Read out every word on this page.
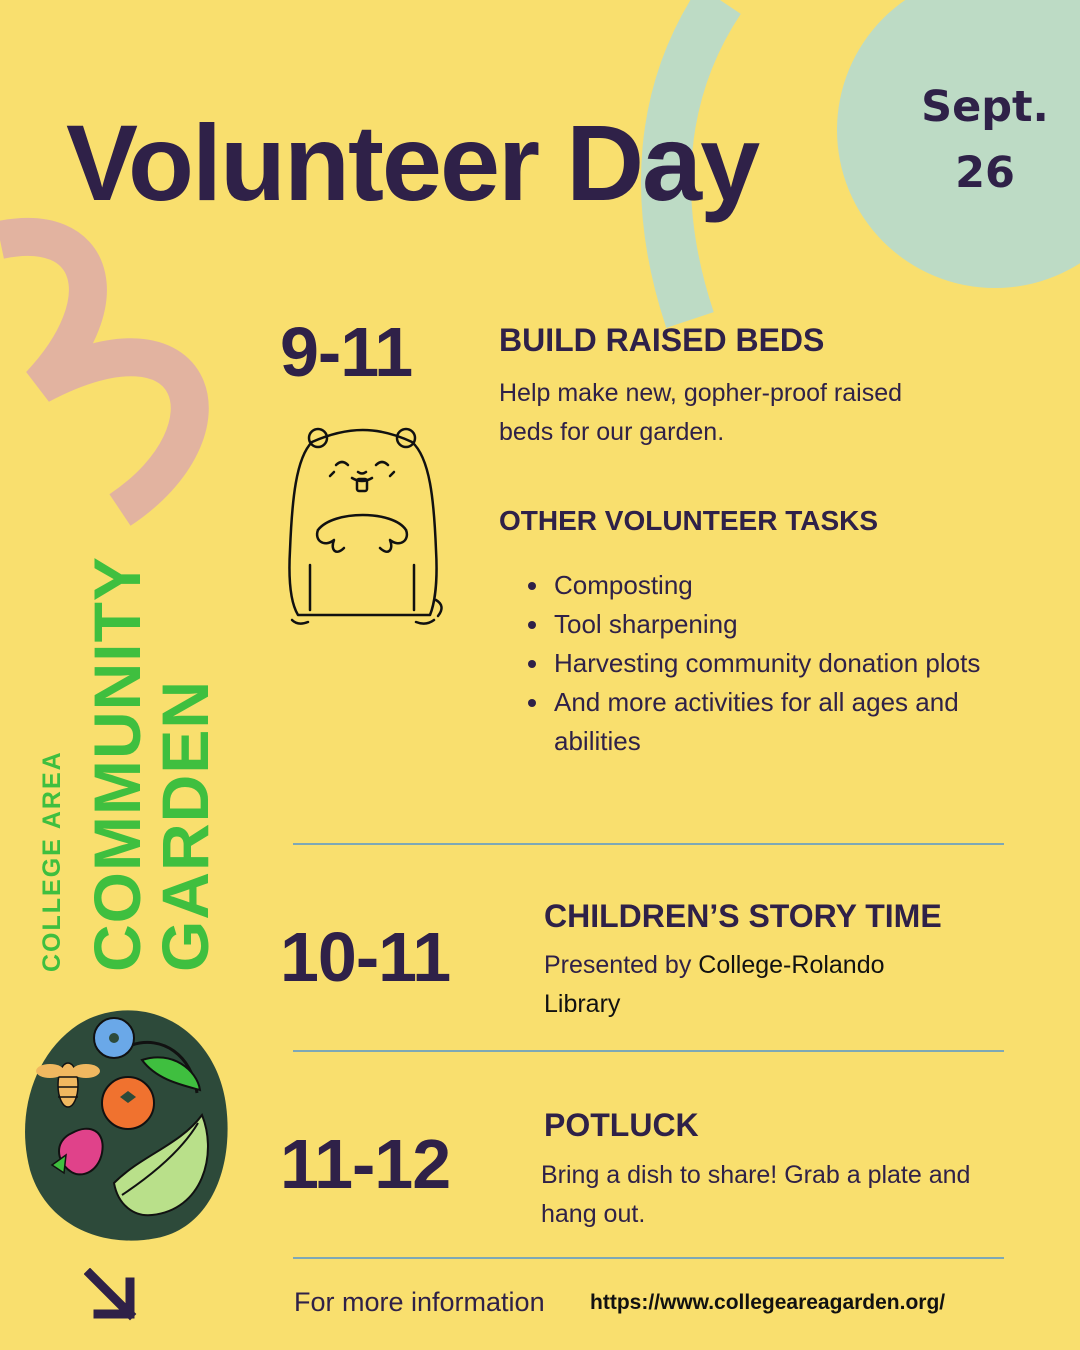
Volunteer Day	Sept.
26
9-11	BUILD RAISED BEDS
Help make new, gopher-proof raised beds for our garden.
OTHER VOLUNTEER TASKS
Composting
Tool sharpening
Harvesting community donation plots
And more activities for all ages and abilities
10-11
CHILDREN’S STORY TIME
Presented by College-Rolando Library
11-12	POTLUCK
Bring a dish to share! Grab a plate and hang out.
COLLEGE AREA COMMUNITY
GARDEN
For more information https://www.collegeareagarden.org/
